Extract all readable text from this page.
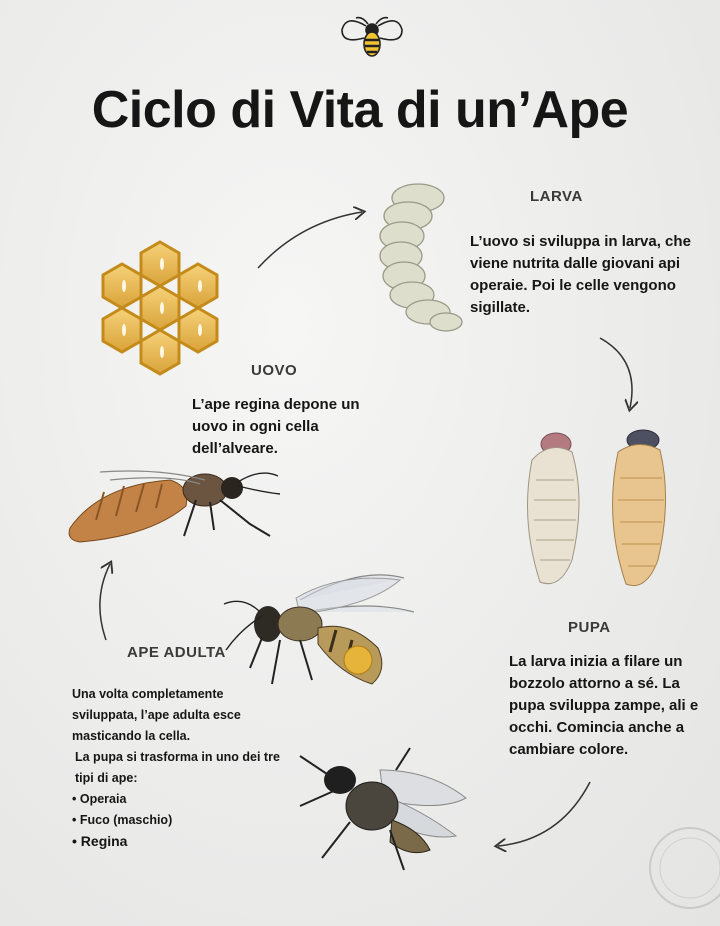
Ciclo di Vita di un’Ape
LARVA

L’uovo si sviluppa in larva, che viene nutrita dalle giovani api operaie. Poi le celle vengono sigillate.

UOVO

L’ape regina depone un uovo in ogni cella dell’alveare.

PUPA

La larva inizia a filare un bozzolo attorno a sé. La pupa sviluppa zampe, ali e occhi. Comincia anche a cambiare colore.

APE ADULTA
Una volta completamente sviluppata, l’ape adulta esce masticando la cella.
La pupa si trasforma in uno dei tre tipi di ape:
• Operaia
• Fuco (maschio)
• Regina
